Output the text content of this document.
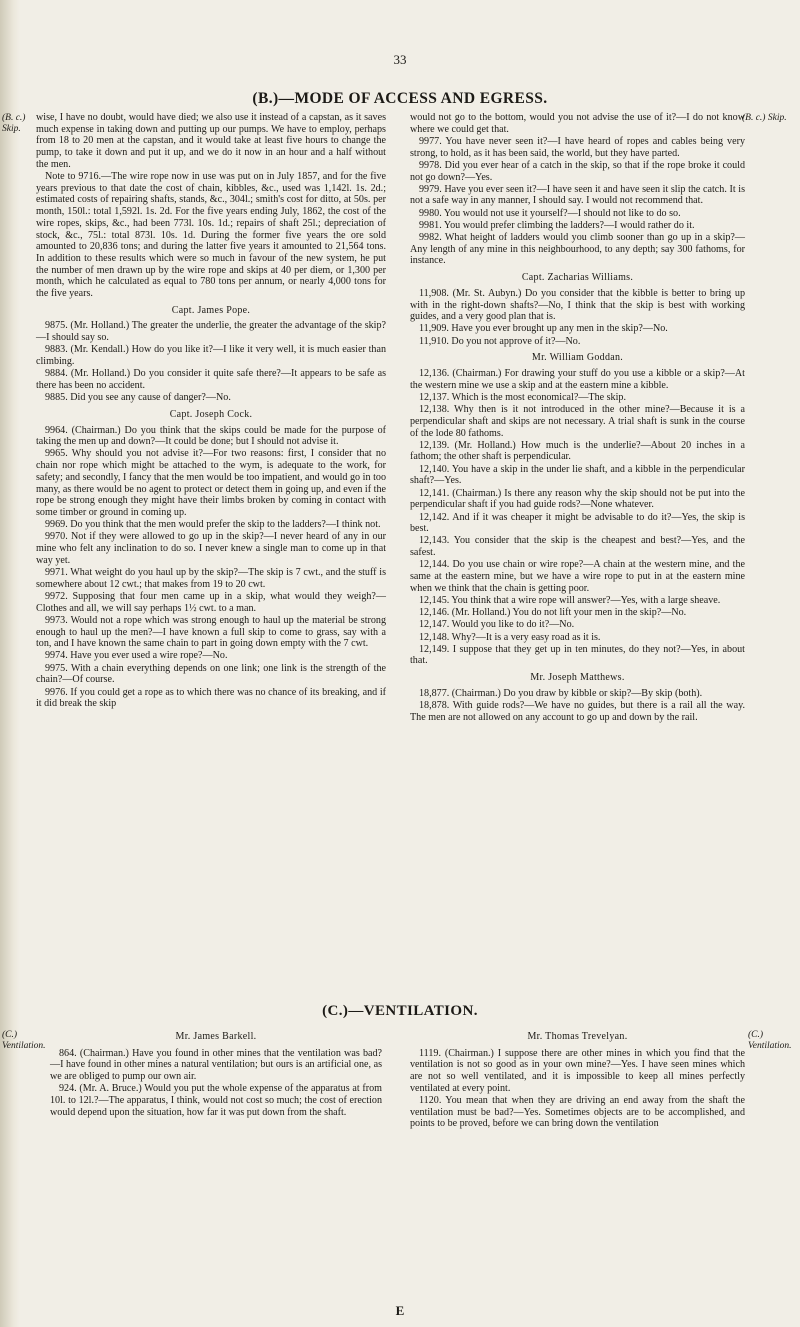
33
(B.)—MODE OF ACCESS AND EGRESS.
(B. c.) Skip.
(B. c.) Skip.

wise, I have no doubt, would have died; we also use it instead of a capstan, as it saves much expense in taking down and putting up our pumps. We have to employ, perhaps from 18 to 20 men at the capstan, and it would take at least five hours to change the pump, to take it down and put it up, and we do it now in an hour and a half without the men.

Note to 9716.—The wire rope now in use was put on in July 1857, and for the five years previous to that date the cost of chain, kibbles, &c., used was 1,142l. 1s. 2d.; estimated costs of repairing shafts, stands, &c., 304l.; smith's cost for ditto, at 50s. per month, 150l.: total 1,592l. 1s. 2d. For the five years ending July, 1862, the cost of the wire ropes, skips, &c., had been 773l. 10s. 1d.; repairs of shaft 25l.; depreciation of stock, &c., 75l.: total 873l. 10s. 1d. During the former five years the ore sold amounted to 20,836 tons; and during the latter five years it amounted to 21,564 tons. In addition to these results which were so much in favour of the new system, he put the number of men drawn up by the wire rope and skips at 40 per diem, or 1,300 per month, which he calculated as equal to 780 tons per annum, or nearly 4,000 tons for the five years.

Capt. James Pope.

9875. (Mr. Holland.) The greater the underlie, the greater the advantage of the skip?—I should say so.

9883. (Mr. Kendall.) How do you like it?—I like it very well, it is much easier than climbing.

9884. (Mr. Holland.) Do you consider it quite safe there?—It appears to be safe as there has been no accident.

9885. Did you see any cause of danger?—No.

Capt. Joseph Cock.

9964. (Chairman.) Do you think that the skips could be made for the purpose of taking the men up and down?—It could be done; but I should not advise it.

9965. Why should you not advise it?—For two reasons: first, I consider that no chain nor rope which might be attached to the wym, is adequate to the work, for safety; and secondly, I fancy that the men would be too impatient, and would go in too many, as there would be no agent to protect or detect them in going up, and even if the rope be strong enough they might have their limbs broken by coming in contact with some timber or ground in coming up.

9969. Do you think that the men would prefer the skip to the ladders?—I think not.

9970. Not if they were allowed to go up in the skip?—I never heard of any in our mine who felt any inclination to do so. I never knew a single man to come up in that way yet.

9971. What weight do you haul up by the skip?—The skip is 7 cwt., and the stuff is somewhere about 12 cwt.; that makes from 19 to 20 cwt.

9972. Supposing that four men came up in a skip, what would they weigh?—Clothes and all, we will say perhaps 1½ cwt. to a man.

9973. Would not a rope which was strong enough to haul up the material be strong enough to haul up the men?—I have known a full skip to come to grass, say with a ton, and I have known the same chain to part in going down empty with the 7 cwt.

9974. Have you ever used a wire rope?—No.

9975. With a chain everything depends on one link; one link is the strength of the chain?—Of course.

9976. If you could get a rope as to which there was no chance of its breaking, and if it did break the skip

would not go to the bottom, would you not advise the use of it?—I do not know where we could get that.

9977. You have never seen it?—I have heard of ropes and cables being very strong, to hold, as it has been said, the world, but they have parted.

9978. Did you ever hear of a catch in the skip, so that if the rope broke it could not go down?—Yes.

9979. Have you ever seen it?—I have seen it and have seen it slip the catch. It is not a safe way in any manner, I should say. I would not recommend that.

9980. You would not use it yourself?—I should not like to do so.

9981. You would prefer climbing the ladders?—I would rather do it.

9982. What height of ladders would you climb sooner than go up in a skip?—Any length of any mine in this neighbourhood, to any depth; say 300 fathoms, for instance.

Capt. Zacharias Williams.

11,908. (Mr. St. Aubyn.) Do you consider that the kibble is better to bring up with in the right-down shafts?—No, I think that the skip is best with working guides, and a very good plan that is.

11,909. Have you ever brought up any men in the skip?—No.

11,910. Do you not approve of it?—No.

Mr. William Goddan.

12,136. (Chairman.) For drawing your stuff do you use a kibble or a skip?—At the western mine we use a skip and at the eastern mine a kibble.

12,137. Which is the most economical?—The skip.

12,138. Why then is it not introduced in the other mine?—Because it is a perpendicular shaft and skips are not necessary. A trial shaft is sunk in the course of the lode 80 fathoms.

12,139. (Mr. Holland.) How much is the underlie?—About 20 inches in a fathom; the other shaft is perpendicular.

12,140. You have a skip in the under lie shaft, and a kibble in the perpendicular shaft?—Yes.

12,141. (Chairman.) Is there any reason why the skip should not be put into the perpendicular shaft if you had guide rods?—None whatever.

12,142. And if it was cheaper it might be advisable to do it?—Yes, the skip is best.

12,143. You consider that the skip is the cheapest and best?—Yes, and the safest.

12,144. Do you use chain or wire rope?—A chain at the western mine, and the same at the eastern mine, but we have a wire rope to put in at the eastern mine when we think that the chain is getting poor.

12,145. You think that a wire rope will answer?—Yes, with a large sheave.

12,146. (Mr. Holland.) You do not lift your men in the skip?—No.

12,147. Would you like to do it?—No.

12,148. Why?—It is a very easy road as it is.

12,149. I suppose that they get up in ten minutes, do they not?—Yes, in about that.

Mr. Joseph Matthews.

18,877. (Chairman.) Do you draw by kibble or skip?—By skip (both).

18,878. With guide rods?—We have no guides, but there is a rail all the way. The men are not allowed on any account to go up and down by the rail.

(C.)—VENTILATION.
(C.) Ventilation.
(C.) Ventilation.
Mr. James Barkell.

864. (Chairman.) Have you found in other mines that the ventilation was bad?—I have found in other mines a natural ventilation; but ours is an artificial one, as we are obliged to pump our own air.

924. (Mr. A. Bruce.) Would you put the whole expense of the apparatus at from 10l. to 12l.?—The apparatus, I think, would not cost so much; the cost of erection would depend upon the situation, how far it was put down from the shaft.

Mr. Thomas Trevelyan.

1119. (Chairman.) I suppose there are other mines in which you find that the ventilation is not so good as in your own mine?—Yes. I have seen mines which are not so well ventilated, and it is impossible to keep all mines perfectly ventilated at every point.

1120. You mean that when they are driving an end away from the shaft the ventilation must be bad?—Yes. Sometimes objects are to be accomplished, and points to be proved, before we can bring down the ventilation

E
